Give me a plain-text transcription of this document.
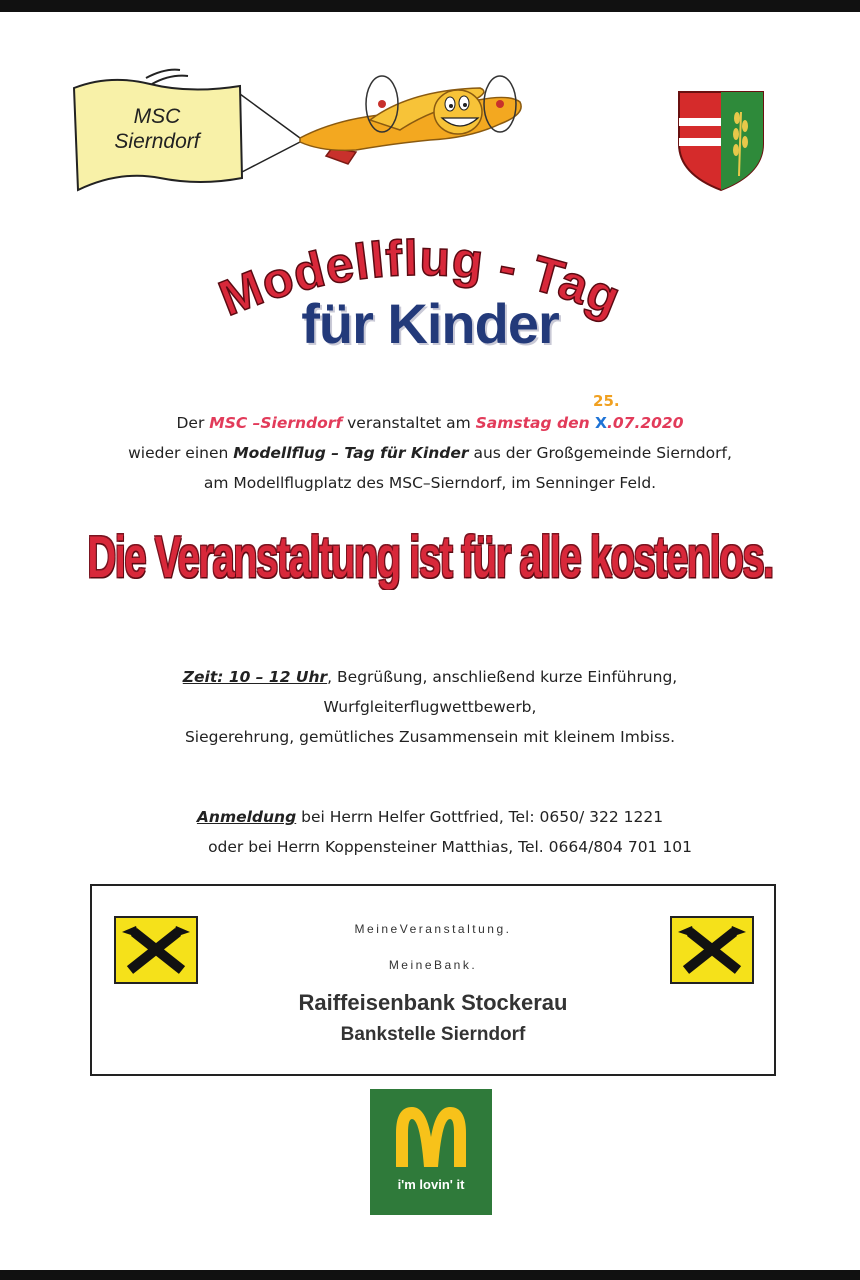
MSC Sierndorf
Modellflug - Tag
für Kinder
Der MSC –Sierndorf veranstaltet am Samstag den
25.
X.07.2020
wieder einen Modellflug – Tag für Kinder aus der Großgemeinde Sierndorf,
am Modellflugplatz des MSC–Sierndorf, im Senninger Feld.
Die Veranstaltung ist für alle kostenlos.
Zeit: 10 – 12 Uhr, Begrüßung, anschließend kurze Einführung,
Wurfgleiterflugwettbewerb,
Siegerehrung, gemütliches Zusammensein mit kleinem Imbiss.
Anmeldung bei Herrn Helfer Gottfried, Tel: 0650/ 322 1221
oder bei Herrn Koppensteiner Matthias, Tel. 0664/804 701 101
MeineVeranstaltung.
MeineBank.
Raiffeisenbank Stockerau
Bankstelle Sierndorf
i'm lovin' it
